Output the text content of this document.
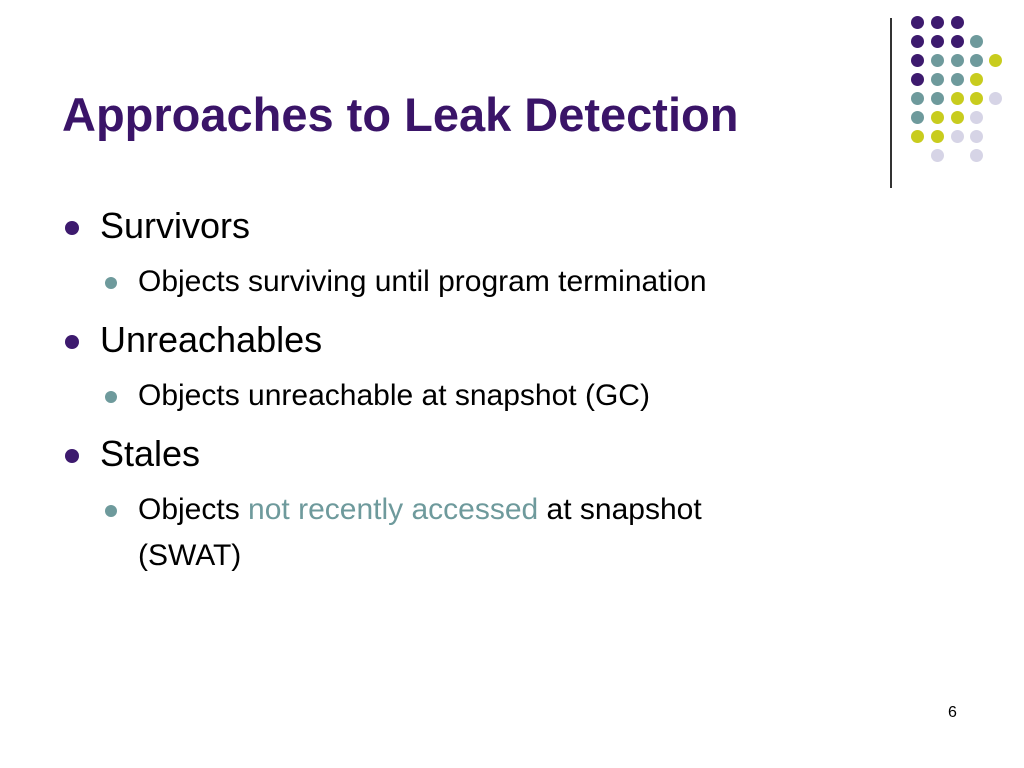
Approaches to Leak Detection
Survivors
Objects surviving until program termination
Unreachables
Objects unreachable at snapshot (GC)
Stales
Objects not recently accessed at snapshot
(SWAT)
6
